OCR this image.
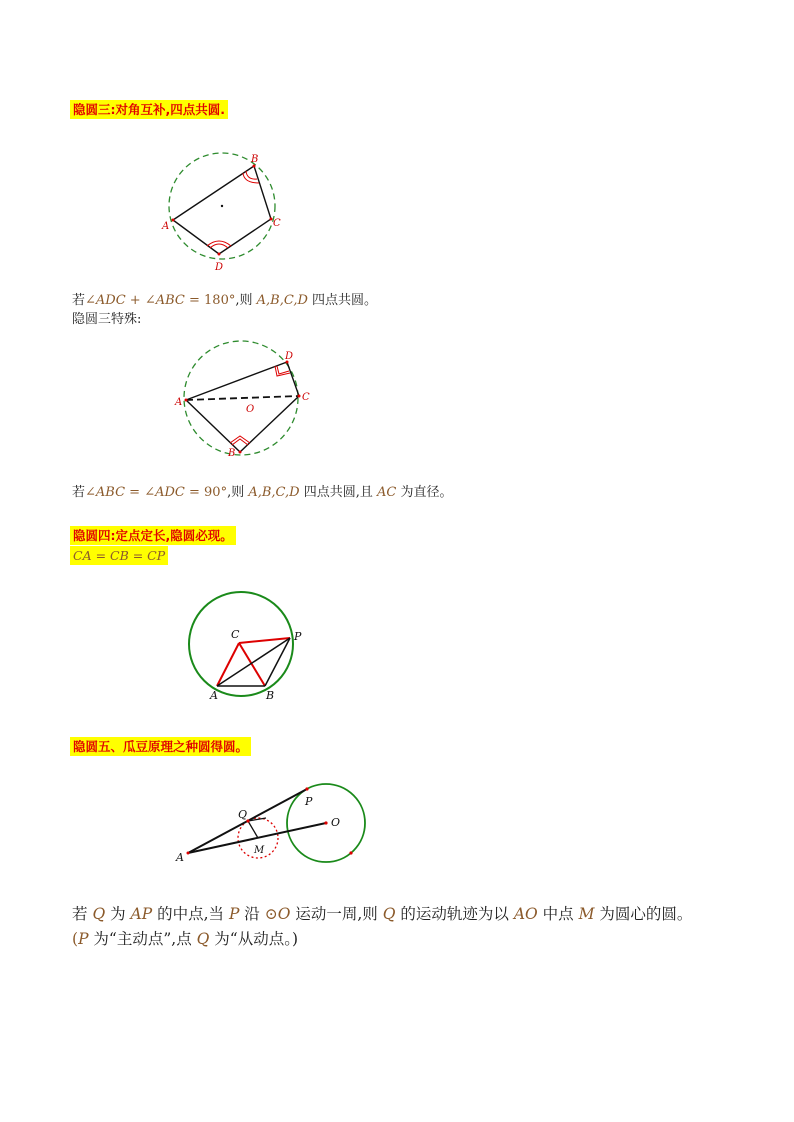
隐圆三:对角互补,四点共圆.
A
B
C
D
若∠ADC + ∠ABC = 180°,则 A,B,C,D 四点共圆。
隐圆三特殊:
A
D
C
B
O
若∠ABC = ∠ADC = 90°,则 A,B,C,D 四点共圆,且 AC 为直径。
隐圆四:定点定长,隐圆必现。
CA = CB = CP
C	P
A	B
隐圆五、瓜豆原理之种圆得圆。
A
Q
M
P
O
若 Q 为 AP 的中点,当 P 沿 ⊙O 运动一周,则 Q 的运动轨迹为以 AO 中点 M 为圆心的圆。
(P 为“主动点”,点 Q 为“从动点。)
